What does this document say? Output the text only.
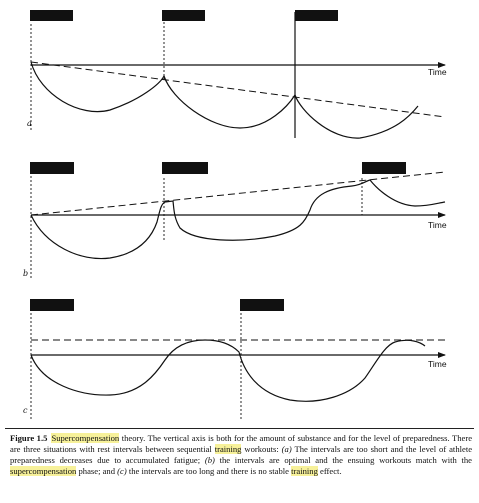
Time
a
Time
b
Time
c
Figure 1.5 Supercompensation theory. The vertical axis is both for the amount of substance and for the level of preparedness. There are three situations with rest intervals between sequential training workouts: (a) The intervals are too short and the level of athlete preparedness decreases due to accumulated fatigue; (b) the intervals are optimal and the ensuing workouts match with the supercompensation phase; and (c) the intervals are too long and there is no stable training effect.
